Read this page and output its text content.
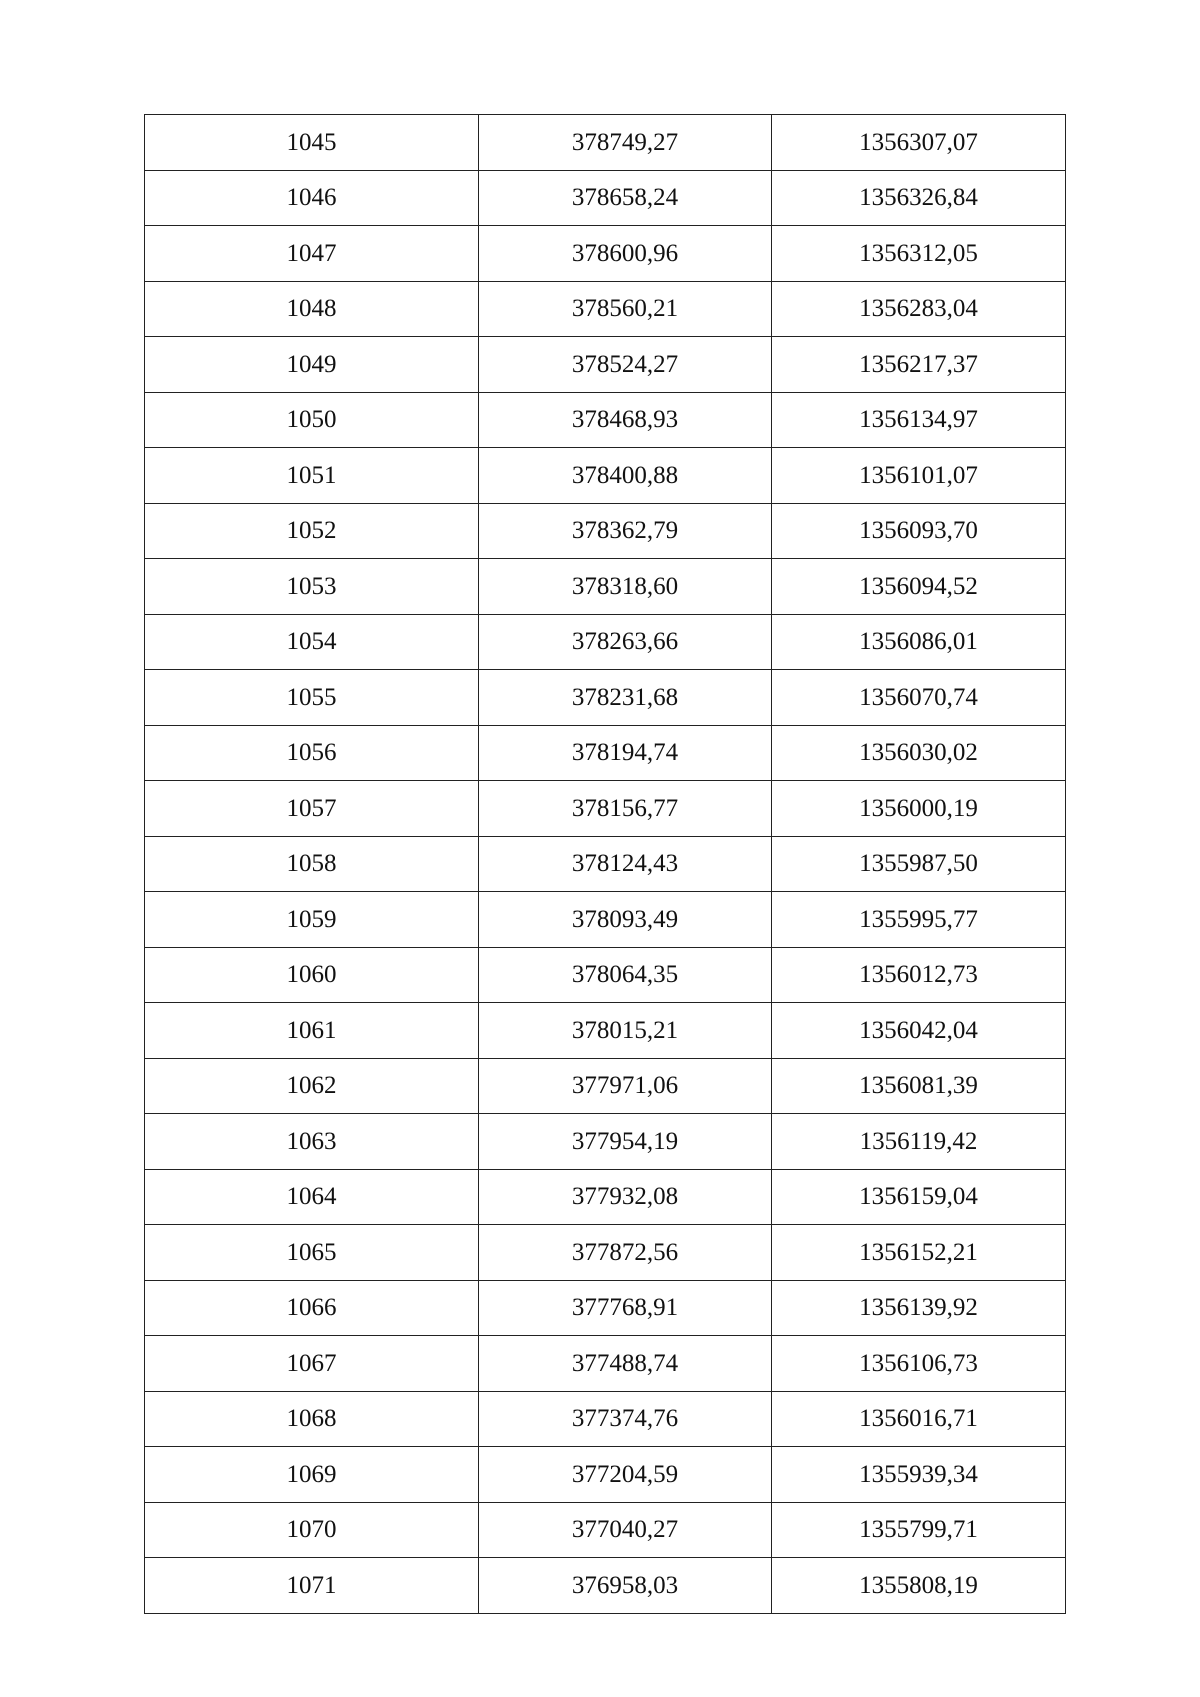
1045	378749,27	1356307,07
1046	378658,24	1356326,84
1047	378600,96	1356312,05
1048	378560,21	1356283,04
1049	378524,27	1356217,37
1050	378468,93	1356134,97
1051	378400,88	1356101,07
1052	378362,79	1356093,70
1053	378318,60	1356094,52
1054	378263,66	1356086,01
1055	378231,68	1356070,74
1056	378194,74	1356030,02
1057	378156,77	1356000,19
1058	378124,43	1355987,50
1059	378093,49	1355995,77
1060	378064,35	1356012,73
1061	378015,21	1356042,04
1062	377971,06	1356081,39
1063	377954,19	1356119,42
1064	377932,08	1356159,04
1065	377872,56	1356152,21
1066	377768,91	1356139,92
1067	377488,74	1356106,73
1068	377374,76	1356016,71
1069	377204,59	1355939,34
1070	377040,27	1355799,71
1071	376958,03	1355808,19
